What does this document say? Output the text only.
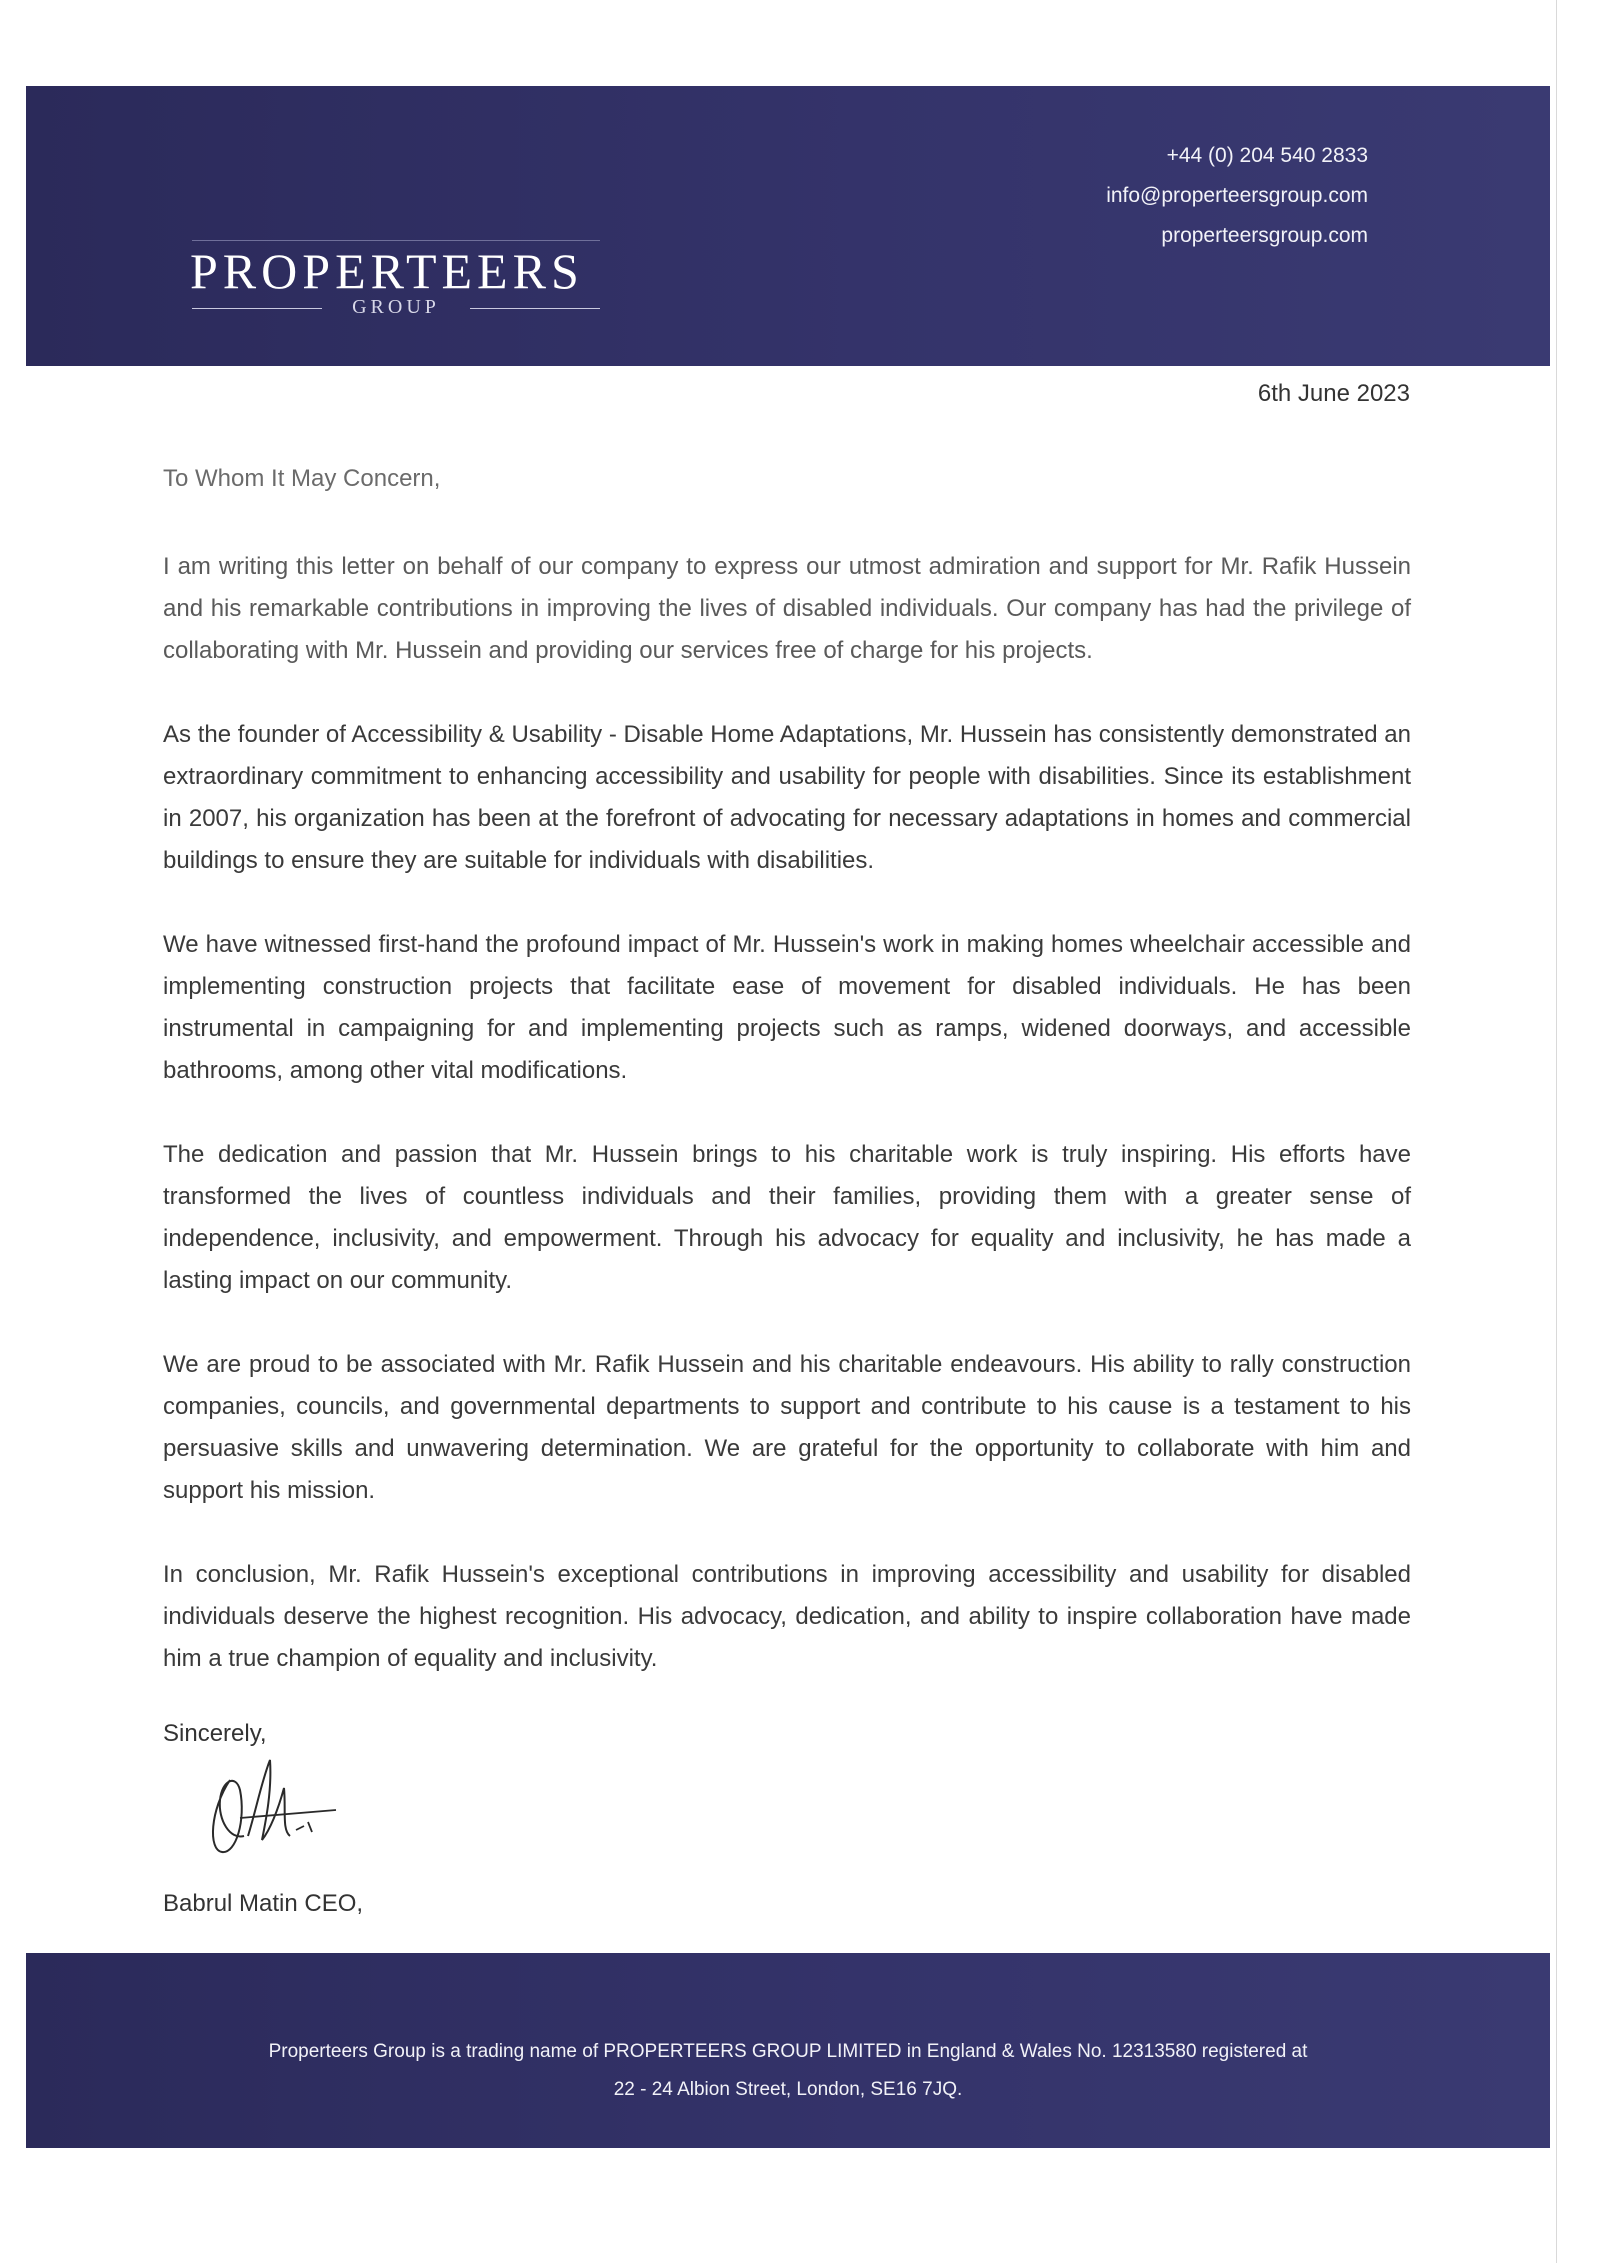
PROPERTEERS
GROUP
+44 (0) 204 540 2833
info@properteersgroup.com
properteersgroup.com
6th June 2023
To Whom It May Concern,

I am writing this letter on behalf of our company to express our utmost admiration and support for Mr. Rafik Hussein and his remarkable contributions in improving the lives of disabled individuals. Our company has had the privilege of collaborating with Mr. Hussein and providing our services free of charge for his projects.

As the founder of Accessibility & Usability - Disable Home Adaptations, Mr. Hussein has consistently demonstrated an extraordinary commitment to enhancing accessibility and usability for people with disabilities. Since its establishment in 2007, his organization has been at the forefront of advocating for necessary adaptations in homes and commercial buildings to ensure they are suitable for individuals with disabilities.

We have witnessed first-hand the profound impact of Mr. Hussein's work in making homes wheelchair accessible and implementing construction projects that facilitate ease of movement for disabled individuals. He has been instrumental in campaigning for and implementing projects such as ramps, widened doorways, and accessible bathrooms, among other vital modifications.

The dedication and passion that Mr. Hussein brings to his charitable work is truly inspiring. His efforts have transformed the lives of countless individuals and their families, providing them with a greater sense of independence, inclusivity, and empowerment. Through his advocacy for equality and inclusivity, he has made a lasting impact on our community.

We are proud to be associated with Mr. Rafik Hussein and his charitable endeavours. His ability to rally construction companies, councils, and governmental departments to support and contribute to his cause is a testament to his persuasive skills and unwavering determination. We are grateful for the opportunity to collaborate with him and support his mission.

In conclusion, Mr. Rafik Hussein's exceptional contributions in improving accessibility and usability for disabled individuals deserve the highest recognition. His advocacy, dedication, and ability to inspire collaboration have made him a true champion of equality and inclusivity.

Sincerely,
Babrul Matin CEO,
Properteers Group is a trading name of PROPERTEERS GROUP LIMITED in England & Wales No. 12313580 registered at
22 - 24 Albion Street, London, SE16 7JQ.
